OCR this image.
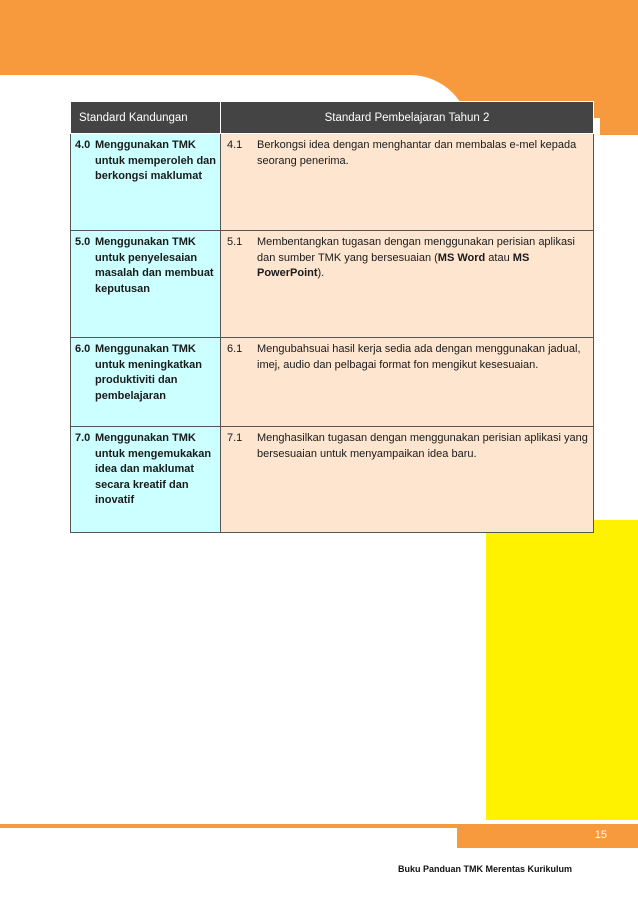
Standard Kandungan	Standard Pembelajaran Tahun 2

4.0 Menggunakan TMK untuk memperoleh dan berkongsi maklumat	4.1 Berkongsi idea dengan menghantar dan membalas e-mel kepada seorang penerima.

5.0 Menggunakan TMK untuk penyelesaian masalah dan membuat keputusan	5.1 Membentangkan tugasan dengan menggunakan perisian aplikasi dan sumber TMK yang bersesuaian (MS Word atau MS PowerPoint).

6.0 Menggunakan TMK untuk meningkatkan produktiviti dan pembelajaran	6.1 Mengubahsuai hasil kerja sedia ada dengan menggunakan jadual, imej, audio dan pelbagai format fon mengikut kesesuaian.

7.0 Menggunakan TMK untuk mengemukakan idea dan maklumat secara kreatif dan inovatif	7.1 Menghasilkan tugasan dengan menggunakan perisian aplikasi yang bersesuaian untuk menyampaikan idea baru.
15
Buku Panduan TMK Merentas Kurikulum
